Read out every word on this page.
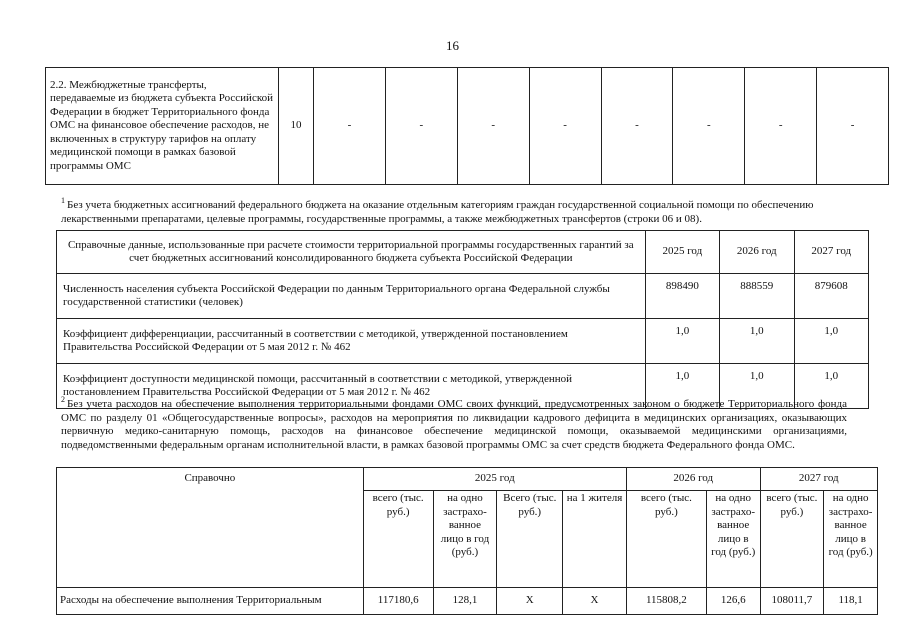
16
2.2. Межбюджетные трансферты, передаваемые из бюджета субъекта Российской Федерации в бюджет Территориального фонда ОМС на финансовое обеспечение расходов, не включенных в структуру тарифов на оплату медицинской помощи в рамках базовой программы ОМС	10	-	-	-	-	-	-	-	-
$^1$ Без учета бюджетных ассигнований федерального бюджета на оказание отдельным категориям граждан государственной социальной помощи по обеспечению лекарственными препаратами, целевые программы, государственные программы, а также межбюджетных трансфертов (строки 06 и 08).
Справочные данные, использованные при расчете стоимости территориальной программы государственных гарантий за счет бюджетных ассигнований консолидированного бюджета субъекта Российской Федерации	2025 год	2026 год	2027 год
Численность населения субъекта Российской Федерации по данным Территориального органа Федеральной службы государственной статистики (человек)	898490	888559	879608
Коэффициент дифференциации, рассчитанный в соответствии с методикой, утвержденной постановлением Правительства Российской Федерации от 5 мая 2012 г. № 462	1,0	1,0	1,0
Коэффициент доступности медицинской помощи, рассчитанный в соответствии с методикой, утвержденной постановлением Правительства Российской Федерации от 5 мая 2012 г. № 462	1,0	1,0	1,0
$^2$ Без учета расходов на обеспечение выполнения территориальными фондами ОМС своих функций, предусмотренных законом о бюджете Территориального фонда ОМС по разделу 01 «Общегосударственные вопросы», расходов на мероприятия по ликвидации кадрового дефицита в медицинских организациях, оказывающих первичную медико-санитарную помощь, расходов на финансовое обеспечение медицинской помощи, оказываемой медицинскими организациями, подведомственными федеральным органам исполнительной власти, в рамках базовой программы ОМС за счет средств бюджета Федерального фонда ОМС.
Справочно	2025 год				2026 год		2027 год	
	всего (тыс. руб.)	на одно застрахо-ванное лицо в год (руб.)	Всего (тыс. руб.)	на 1 жителя	всего (тыс. руб.)	на одно застрахо-ванное лицо в год (руб.)	всего (тыс. руб.)	на одно застрахо-ванное лицо в год (руб.)
Расходы на обеспечение выполнения Территориальным	117180,6	128,1	Х	Х	115808,2	126,6	108011,7	118,1
